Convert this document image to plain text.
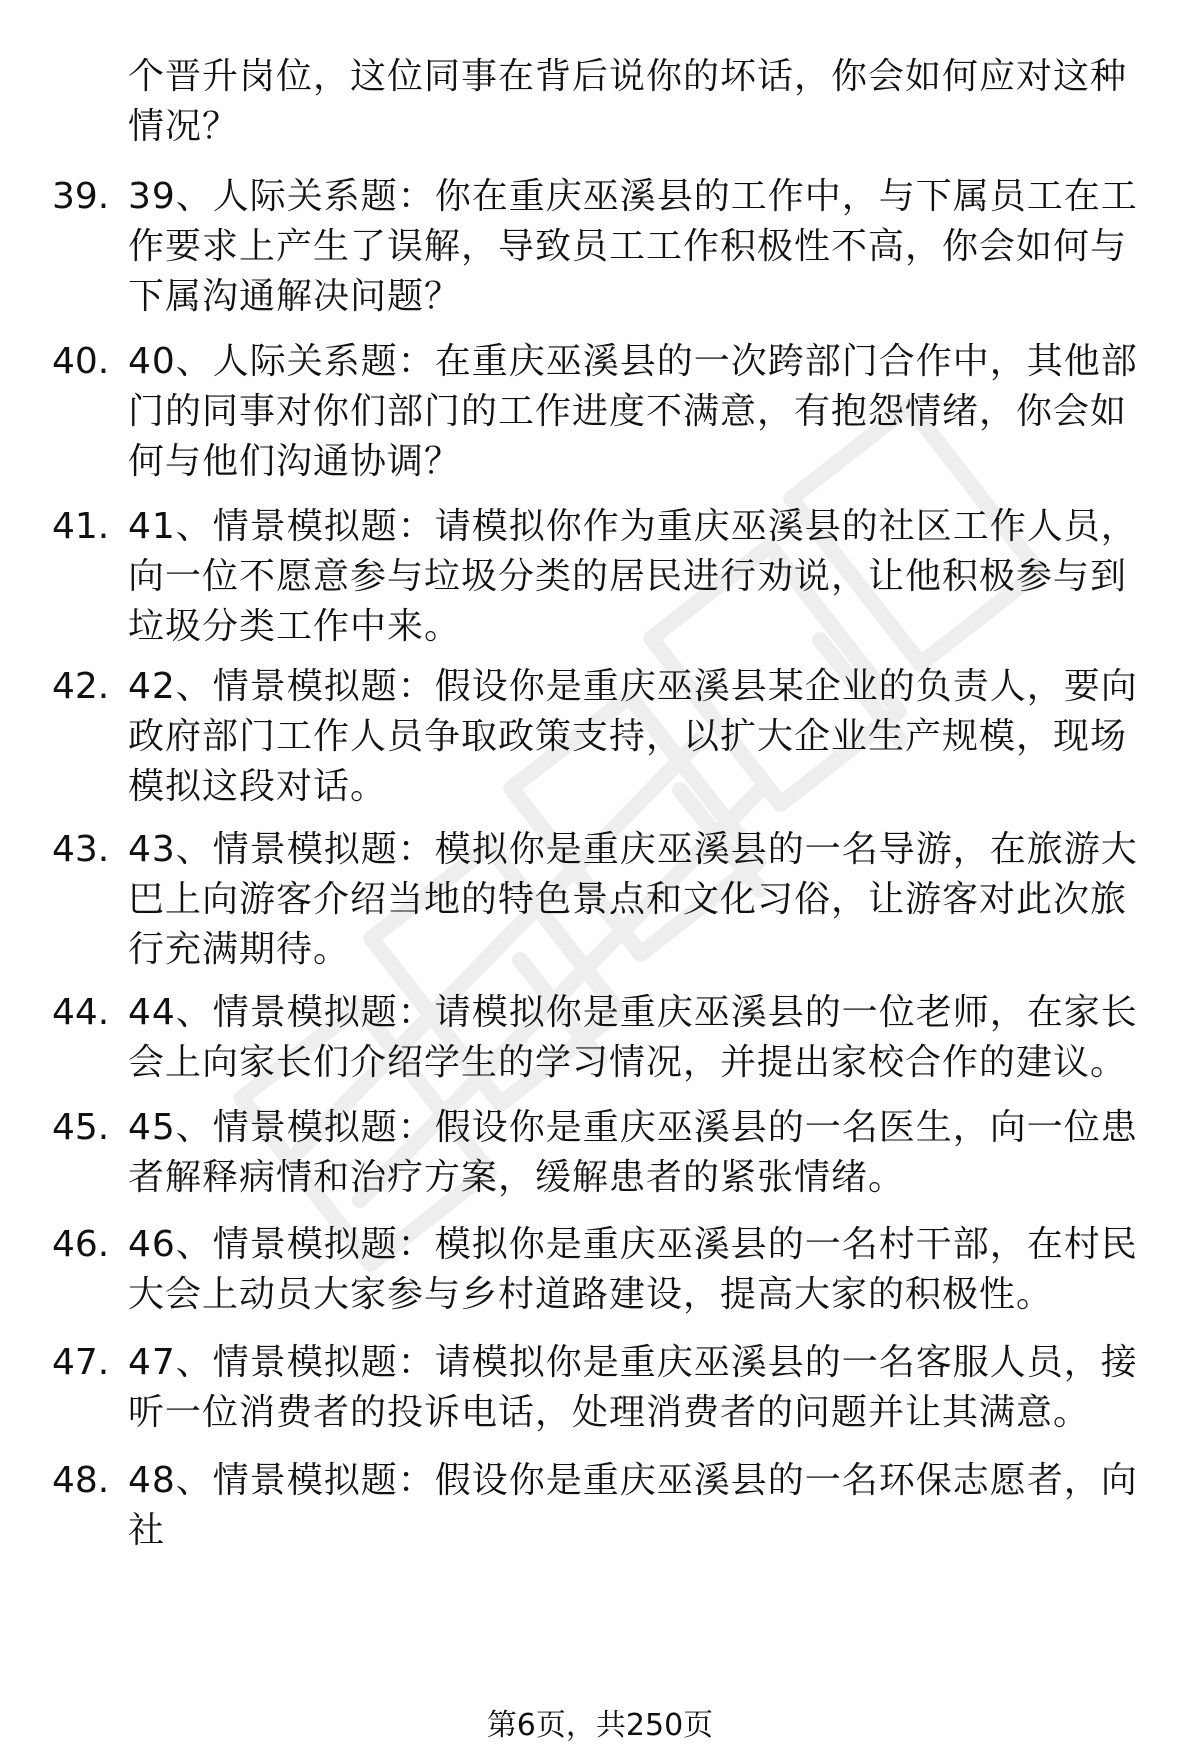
个晋升岗位，这位同事在背后说你的坏话，你会如何应对这种情况？
39. 39、人际关系题：你在重庆巫溪县的工作中，与下属员工在工作要求上产生了误解，导致员工工作积极性不高，你会如何与下属沟通解决问题？
40. 40、人际关系题：在重庆巫溪县的一次跨部门合作中，其他部门的同事对你们部门的工作进度不满意，有抱怨情绪，你会如何与他们沟通协调？
41. 41、情景模拟题：请模拟你作为重庆巫溪县的社区工作人员，向一位不愿意参与垃圾分类的居民进行劝说，让他积极参与到垃圾分类工作中来。
42. 42、情景模拟题：假设你是重庆巫溪县某企业的负责人，要向政府部门工作人员争取政策支持，以扩大企业生产规模，现场模拟这段对话。
43. 43、情景模拟题：模拟你是重庆巫溪县的一名导游，在旅游大巴上向游客介绍当地的特色景点和文化习俗，让游客对此次旅行充满期待。
44. 44、情景模拟题：请模拟你是重庆巫溪县的一位老师，在家长会上向家长们介绍学生的学习情况，并提出家校合作的建议。
45. 45、情景模拟题：假设你是重庆巫溪县的一名医生，向一位患者解释病情和治疗方案，缓解患者的紧张情绪。
46. 46、情景模拟题：模拟你是重庆巫溪县的一名村干部，在村民大会上动员大家参与乡村道路建设，提高大家的积极性。
47. 47、情景模拟题：请模拟你是重庆巫溪县的一名客服人员，接听一位消费者的投诉电话，处理消费者的问题并让其满意。
48. 48、情景模拟题：假设你是重庆巫溪县的一名环保志愿者，向社
第6页，共250页
